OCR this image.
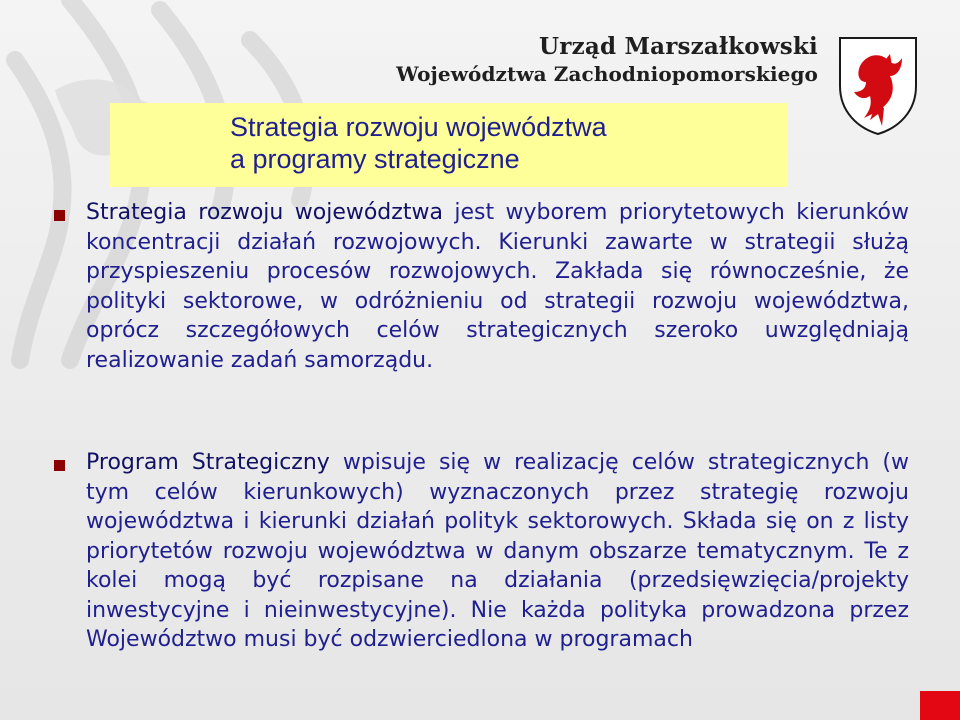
Urząd Marszałkowski
Województwa Zachodniopomorskiego
Strategia rozwoju województwa
a programy strategiczne
Strategia rozwoju województwa jest wyborem priorytetowych kierunków koncentracji działań rozwojowych. Kierunki zawarte w strategii służą przyspieszeniu procesów rozwojowych. Zakłada się równocześnie, że polityki sektorowe, w odróżnieniu od strategii rozwoju województwa, oprócz szczegółowych celów strategicznych szeroko uwzględniają realizowanie zadań samorządu.
Program Strategiczny wpisuje się w realizację celów strategicznych (w tym celów kierunkowych) wyznaczonych przez strategię rozwoju województwa i kierunki działań polityk sektorowych. Składa się on z listy priorytetów rozwoju województwa w danym obszarze tematycznym. Te z kolei mogą być rozpisane na działania (przedsięwzięcia/projekty inwestycyjne i nieinwestycyjne). Nie każda polityka prowadzona przez Województwo musi być odzwierciedlona w programach
